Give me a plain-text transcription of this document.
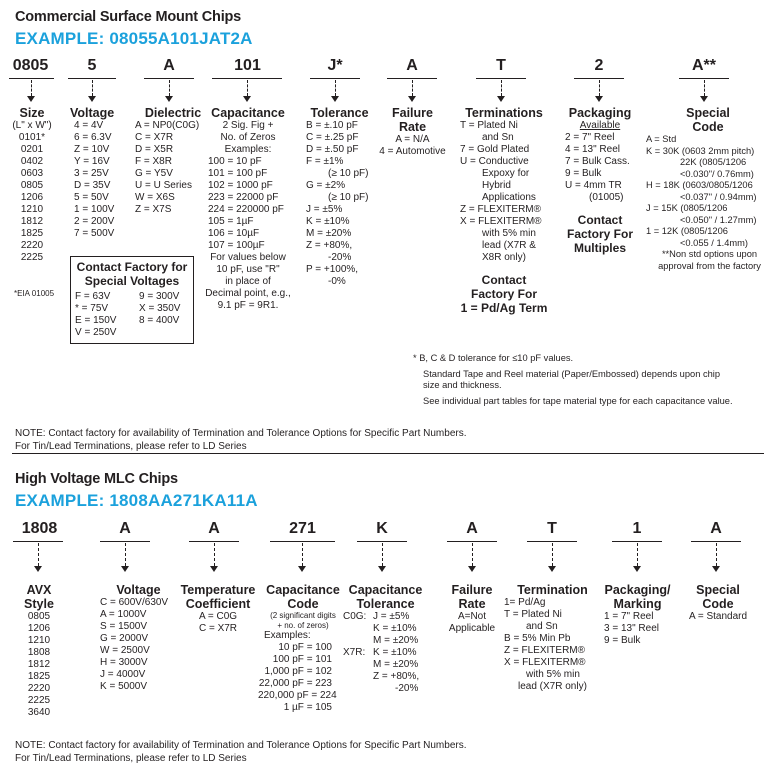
Commercial Surface Mount Chips
EXAMPLE: 08055A101JAT2A
0805	5	A	101	J*	A	T	2	A**
Size
(L" x W")
0101*
0201
0402
0603
0805
1206
1210
1812
1825
2220
2225
*EIA 01005
Voltage
4 = 4V
6 = 6.3V
Z = 10V
Y = 16V
3 = 25V
D = 35V
5 = 50V
1 = 100V
2 = 200V
7 = 500V
Dielectric
A = NP0(C0G)
C = X7R
D = X5R
F = X8R
G = Y5V
U = U Series
W = X6S
Z = X7S
Contact Factory for
Special Voltages
F = 63V	9 = 300V
* = 75V	X = 350V
E = 150V	8 = 400V
V = 250V
Capacitance
2 Sig. Fig +
No. of Zeros
Examples:
100 = 10 pF
101 = 100 pF
102 = 1000 pF
223 = 22000 pF
224 = 220000 pF
105 = 1µF
106 = 10µF
107 = 100µF
For values below
10 pF, use "R"
in place of
Decimal point, e.g.,
9.1 pF = 9R1.
Tolerance
B = ±.10 pF
C = ±.25 pF
D = ±.50 pF
F = ±1%
(≥ 10 pF)
G = ±2%
(≥ 10 pF)
J = ±5%
K = ±10%
M = ±20%
Z = +80%,
-20%
P = +100%,
-0%
Failure
Rate
A = N/A
4 = Automotive
Terminations
T = Plated Ni
and Sn
7 = Gold Plated
U = Conductive
Expoxy for
Hybrid
Applications
Z = FLEXITERM®
X = FLEXITERM®
with 5% min
lead (X7R &
X8R only)
Contact
Factory For
1 = Pd/Ag Term
Packaging
Available
2 = 7" Reel
4 = 13" Reel
7 = Bulk Cass.
9 = Bulk
U = 4mm TR
(01005)
Contact
Factory For
Multiples
Special
Code
A = Std
K = 30K (0603 2mm pitch)
22K (0805/1206
<0.030"/ 0.76mm)
H = 18K (0603/0805/1206
<0.037" / 0.94mm)
J = 15K (0805/1206
<0.050" / 1.27mm)
1 = 12K (0805/1206
<0.055 / 1.4mm)
**Non std options upon
approval from the factory
* B, C & D tolerance for ≤10 pF values.
Standard Tape and Reel material (Paper/Embossed) depends upon chip
size and thickness.
See individual part tables for tape material type for each capacitance value.
NOTE: Contact factory for availability of Termination and Tolerance Options for Specific Part Numbers.
For Tin/Lead Terminations, please refer to LD Series
High Voltage MLC Chips
EXAMPLE: 1808AA271KA11A
1808	A	A	271	K	A	T	1	A
AVX
Style
0805
1206
1210
1808
1812
1825
2220
2225
3640
Voltage
C = 600V/630V
A = 1000V
S = 1500V
G = 2000V
W = 2500V
H = 3000V
J = 4000V
K = 5000V
Temperature
Coefficient
A = C0G
C = X7R
Capacitance
Code
(2 significant digits
+ no. of zeros)
Examples:
10 pF = 100
100 pF = 101
1,000 pF = 102
22,000 pF = 223
220,000 pF = 224
1 µF = 105
Capacitance
Tolerance
C0G: J = ±5%
K = ±10%
M = ±20%
X7R: K = ±10%
M = ±20%
Z = +80%,
-20%
Failure
Rate
A=Not
Applicable
Termination
1= Pd/Ag
T = Plated Ni
and Sn
B = 5% Min Pb
Z = FLEXITERM®
X = FLEXITERM®
with 5% min
lead (X7R only)
Packaging/
Marking
1 = 7" Reel
3 = 13" Reel
9 = Bulk
Special
Code
A = Standard
NOTE: Contact factory for availability of Termination and Tolerance Options for Specific Part Numbers.
For Tin/Lead Terminations, please refer to LD Series
